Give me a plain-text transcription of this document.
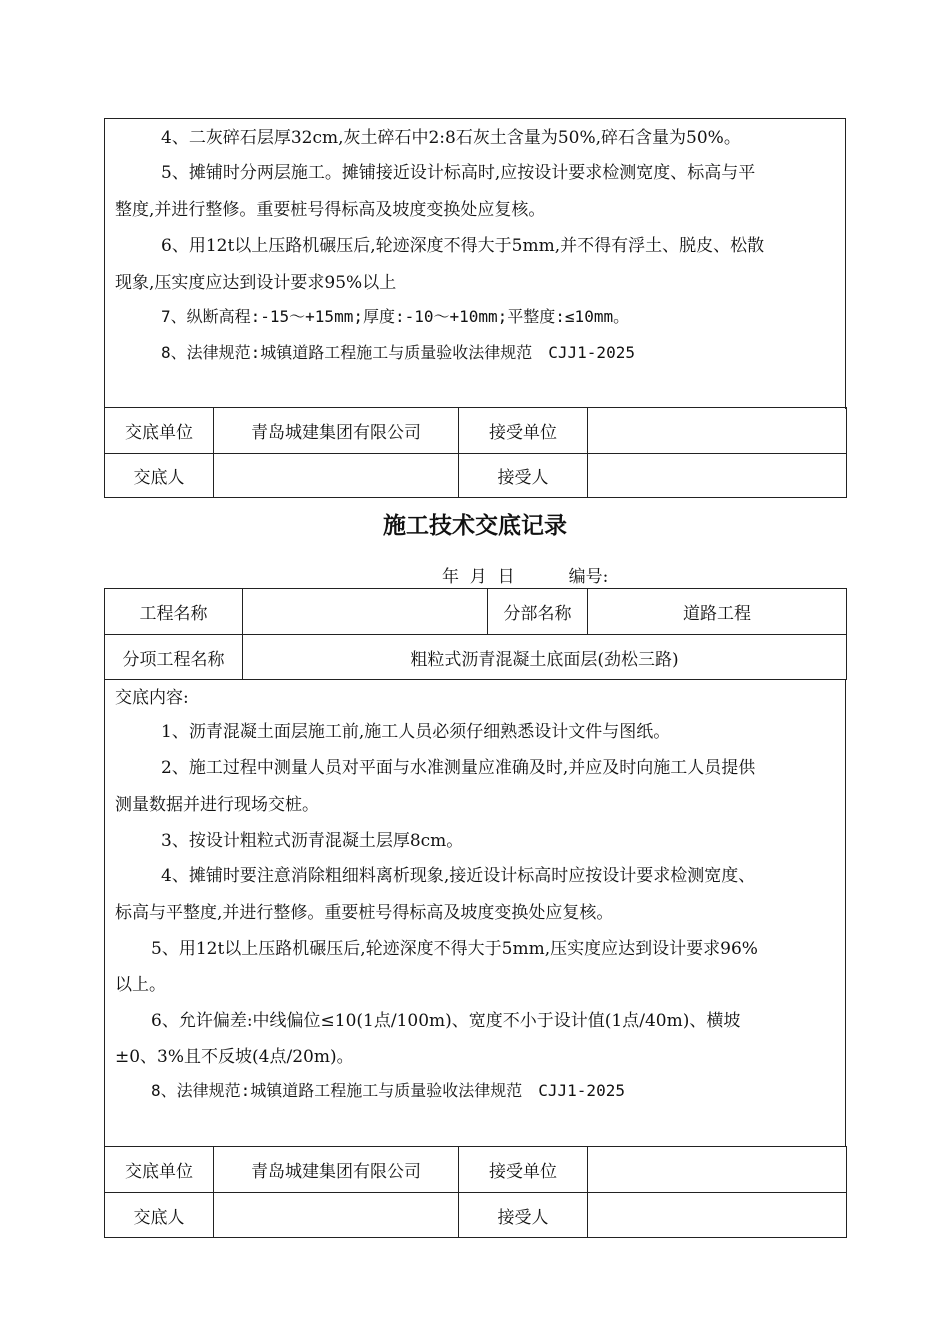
4、二灰碎石层厚32cm,灰土碎石中2:8石灰土含量为50%,碎石含量为50%。
5、摊铺时分两层施工。摊铺接近设计标高时,应按设计要求检测宽度、标高与平
整度,并进行整修。重要桩号得标高及坡度变换处应复核。
6、用12t以上压路机碾压后,轮迹深度不得大于5mm,并不得有浮土、脱皮、松散
现象,压实度应达到设计要求95%以上
7、纵断高程:-15～+15mm;厚度:-10～+10mm;平整度:≤10mm。
8、法律规范:城镇道路工程施工与质量验收法律规范　CJJ1-2025
交底单位	青岛城建集团有限公司	接受单位	
交底人		接受人	
施工技术交底记录
年  月  日          编号:
工程名称		分部名称	道路工程
分项工程名称	粗粒式沥青混凝土底面层(劲松三路)		
交底内容:
1、沥青混凝土面层施工前,施工人员必须仔细熟悉设计文件与图纸。
2、施工过程中测量人员对平面与水准测量应准确及时,并应及时向施工人员提供
测量数据并进行现场交桩。
3、按设计粗粒式沥青混凝土层厚8cm。
4、摊铺时要注意消除粗细料离析现象,接近设计标高时应按设计要求检测宽度、
标高与平整度,并进行整修。重要桩号得标高及坡度变换处应复核。
5、用12t以上压路机碾压后,轮迹深度不得大于5mm,压实度应达到设计要求96%
以上。
6、允许偏差:中线偏位≤10(1点/100m)、宽度不小于设计值(1点/40m)、横坡
±0、3%且不反坡(4点/20m)。
8、法律规范:城镇道路工程施工与质量验收法律规范　CJJ1-2025
交底单位	青岛城建集团有限公司	接受单位	
交底人		接受人	
